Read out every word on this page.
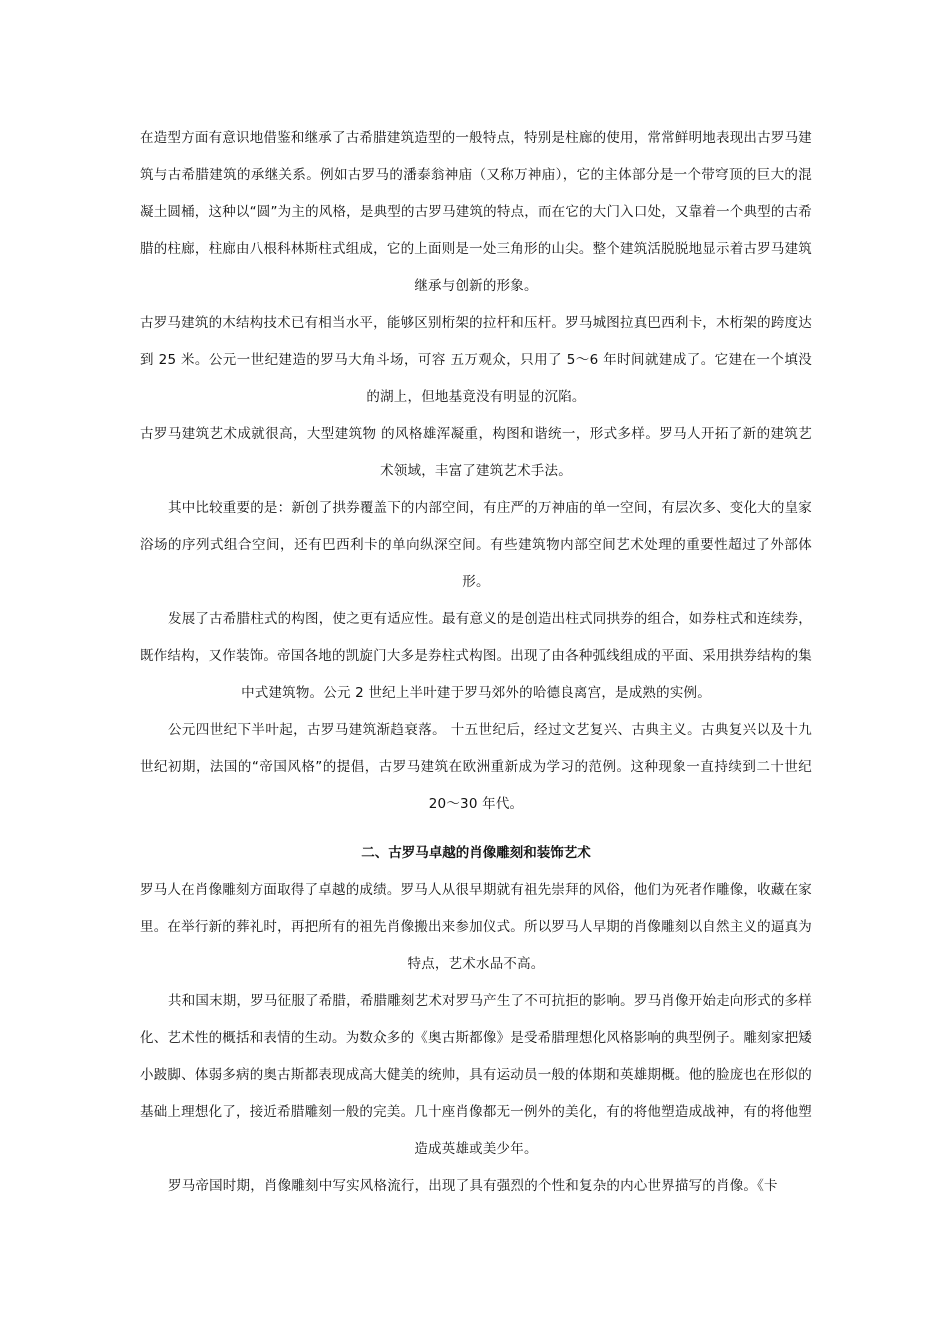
在造型方面有意识地借鉴和继承了古希腊建筑造型的一般特点，特别是柱廊的使用，常常鲜明地表现出古罗马建筑与古希腊建筑的承继关系。例如古罗马的潘泰翁神庙（又称万神庙），它的主体部分是一个带穹顶的巨大的混凝土圆桶，这种以“圆”为主的风格，是典型的古罗马建筑的特点，而在它的大门入口处，又靠着一个典型的古希腊的柱廊，柱廊由八根科林斯柱式组成，它的上面则是一处三角形的山尖。整个建筑活脱脱地显示着古罗马建筑继承与创新的形象。

古罗马建筑的木结构技术已有相当水平，能够区别桁架的拉杆和压杆。罗马城图拉真巴西利卡，木桁架的跨度达到 25 米。公元一世纪建造的罗马大角斗场，可容 五万观众，只用了 5～6 年时间就建成了。它建在一个填没的湖上，但地基竟没有明显的沉陷。

古罗马建筑艺术成就很高，大型建筑物 的风格雄浑凝重，构图和谐统一，形式多样。罗马人开拓了新的建筑艺术领域，丰富了建筑艺术手法。

其中比较重要的是：新创了拱券覆盖下的内部空间，有庄严的万神庙的单一空间，有层次多、变化大的皇家浴场的序列式组合空间，还有巴西利卡的单向纵深空间。有些建筑物内部空间艺术处理的重要性超过了外部体形。

发展了古希腊柱式的构图，使之更有适应性。最有意义的是创造出柱式同拱券的组合，如券柱式和连续券，既作结构，又作装饰。帝国各地的凯旋门大多是券柱式构图。出现了由各种弧线组成的平面、采用拱券结构的集中式建筑物。公元 2 世纪上半叶建于罗马郊外的哈德良离宫，是成熟的实例。

公元四世纪下半叶起，古罗马建筑渐趋衰落。 十五世纪后，经过文艺复兴、古典主义。古典复兴以及十九世纪初期，法国的“帝国风格”的提倡，古罗马建筑在欧洲重新成为学习的范例。这种现象一直持续到二十世纪 20～30 年代。

二、古罗马卓越的肖像雕刻和装饰艺术

罗马人在肖像雕刻方面取得了卓越的成绩。罗马人从很早期就有祖先崇拜的风俗，他们为死者作雕像，收藏在家里。在举行新的葬礼时，再把所有的祖先肖像搬出来参加仪式。所以罗马人早期的肖像雕刻以自然主义的逼真为特点，艺术水品不高。

共和国末期，罗马征服了希腊，希腊雕刻艺术对罗马产生了不可抗拒的影响。罗马肖像开始走向形式的多样化、艺术性的概括和表情的生动。为数众多的《奥古斯都像》是受希腊理想化风格影响的典型例子。雕刻家把矮小跛脚、体弱多病的奥古斯都表现成高大健美的统帅，具有运动员一般的体期和英雄期概。他的脸庞也在形似的基础上理想化了，接近希腊雕刻一般的完美。几十座肖像都无一例外的美化，有的将他塑造成战神，有的将他塑造成英雄或美少年。

罗马帝国时期，肖像雕刻中写实风格流行，出现了具有强烈的个性和复杂的内心世界描写的肖像。《卡
